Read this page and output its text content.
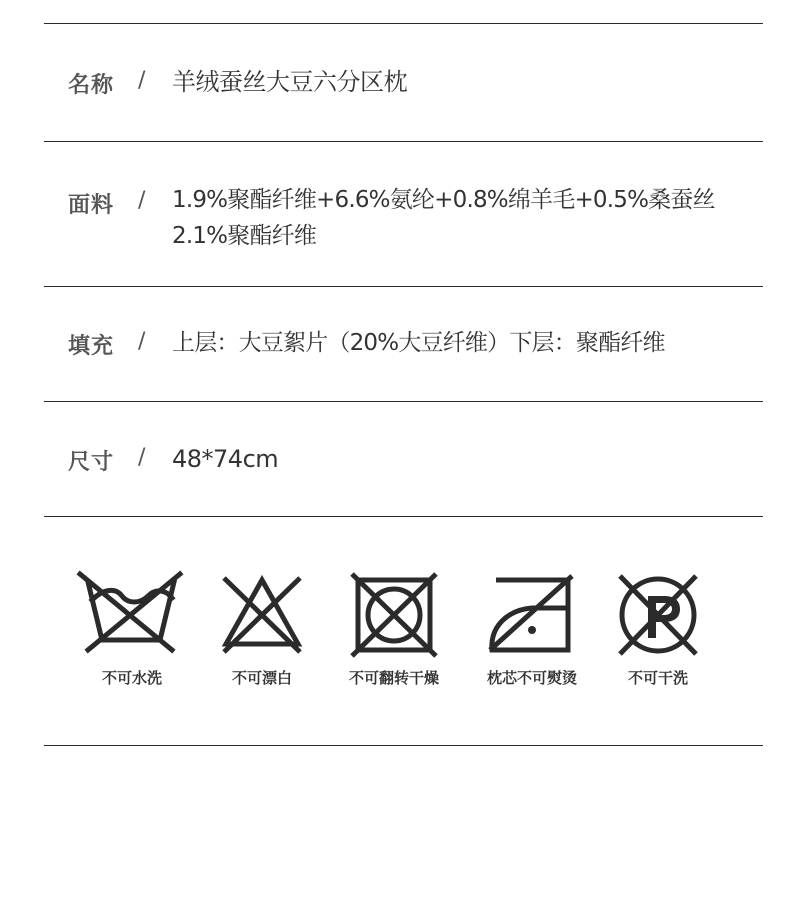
名称 / 羊绒蚕丝大豆六分区枕
面料 / 1.9%聚酯纤维+6.6%氨纶+0.8%绵羊毛+0.5%桑蚕丝
2.1%聚酯纤维
填充 / 上层：大豆絮片（20%大豆纤维）下层：聚酯纤维
尺寸 / 48*74cm
不可水洗	不可漂白	不可翻转干燥	枕芯不可熨烫	不可干洗
